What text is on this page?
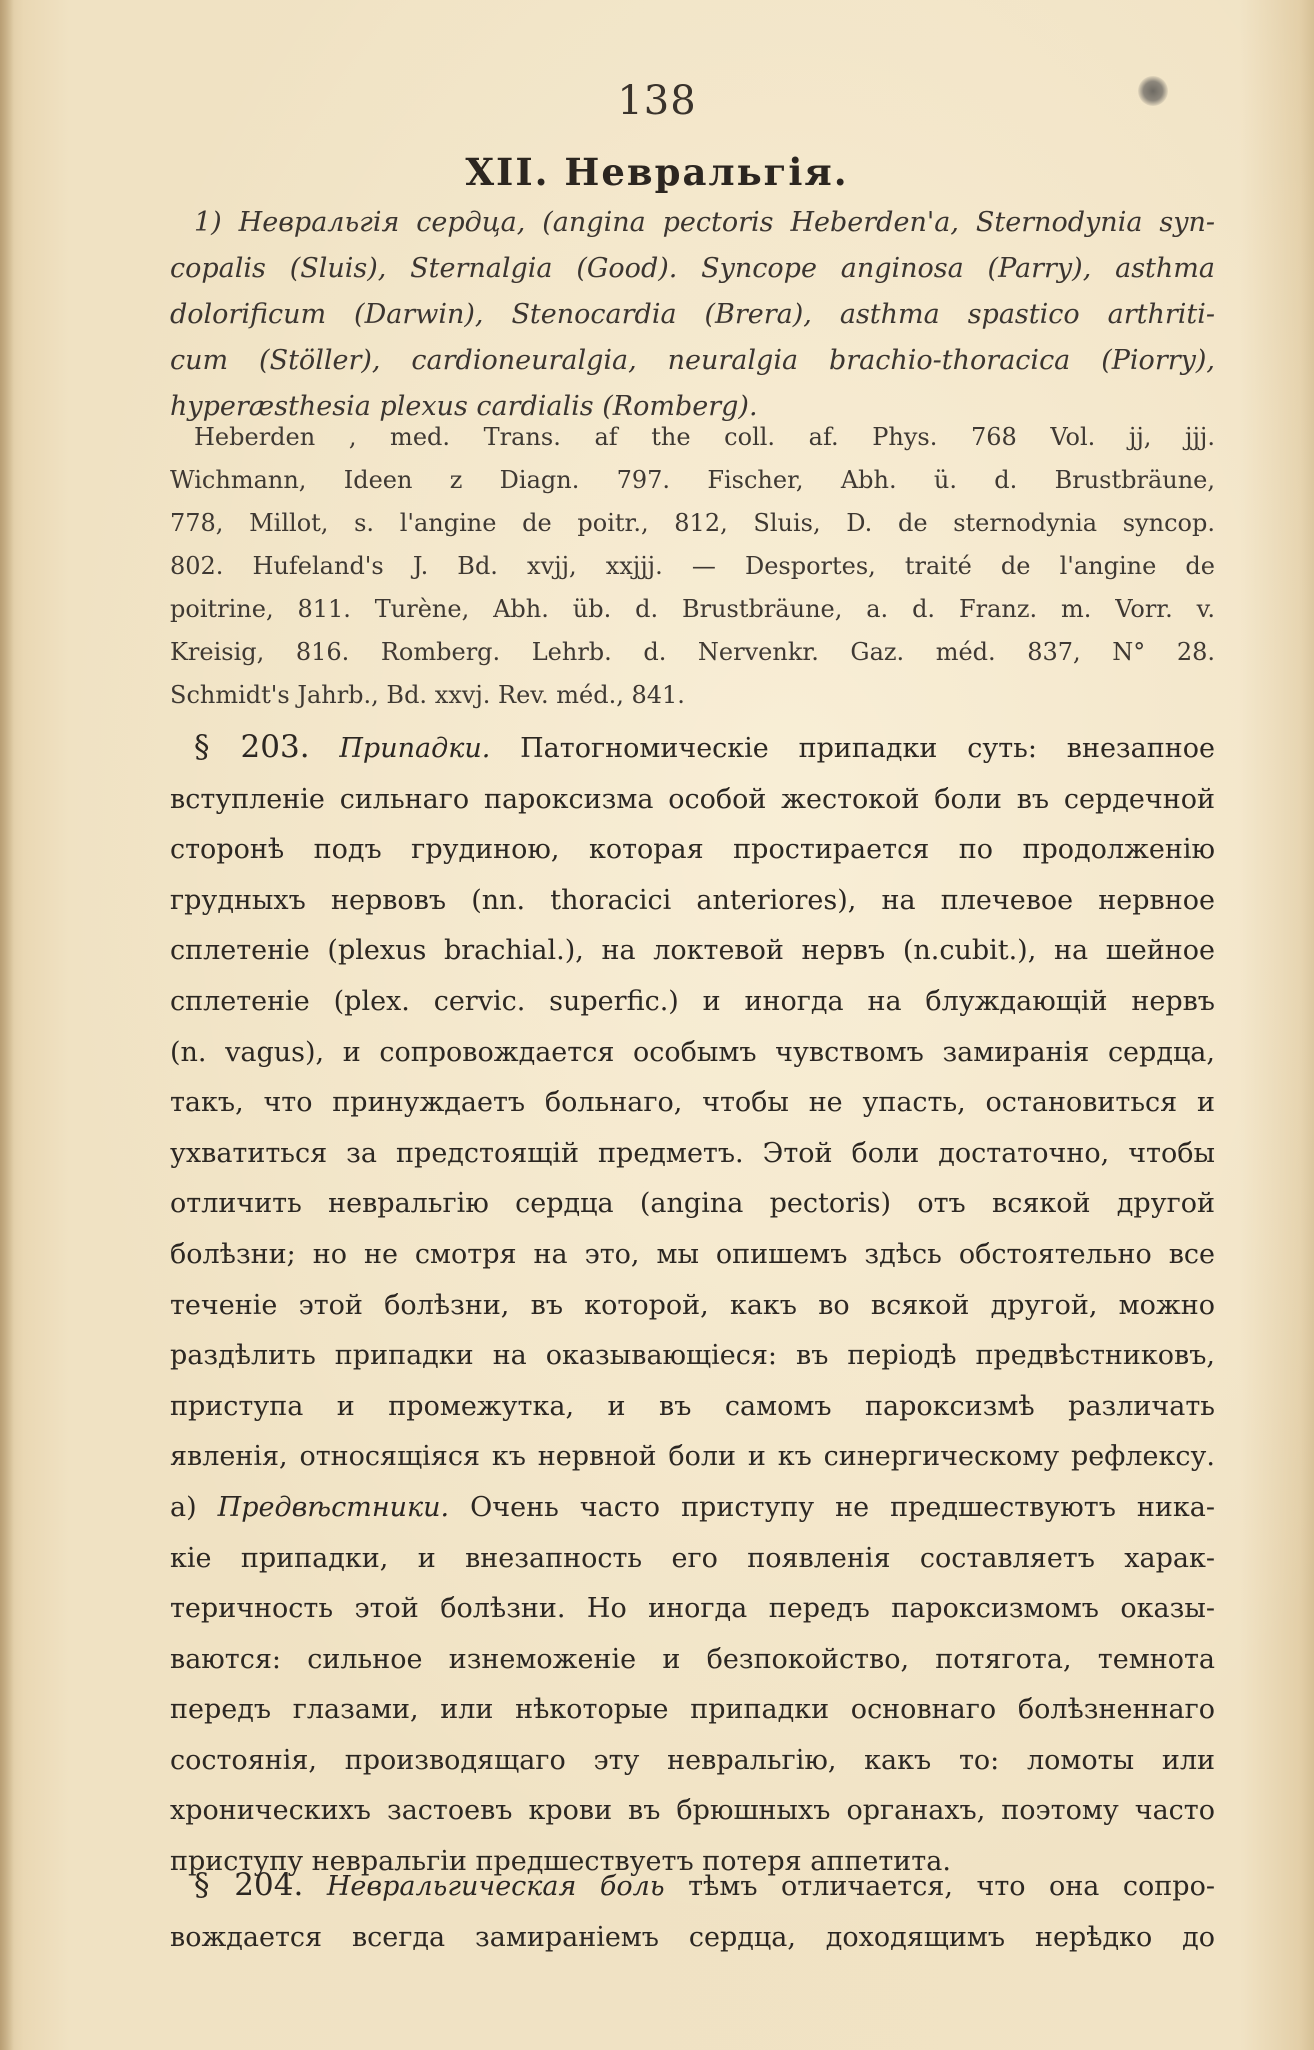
138
XII. Невральгія.
1) Невральгія сердца, (angina pectoris Heberden'a, Sternodynia syn-
copalis (Sluis), Sternalgia (Good). Syncope anginosa (Parry), asthma
dolorificum (Darwin), Stenocardia (Brera), asthma spastico arthriti-
cum (Stöller), cardioneuralgia, neuralgia brachio-thoracica (Piorry),
hyperæsthesia plexus cardialis (Romberg).
Heberden , med. Trans. af the coll. af. Phys. 768 Vol. jj, jjj.
Wichmann, Ideen z Diagn. 797. Fischer, Abh. ü. d. Brustbräune,
778, Millot, s. l'angine de poitr., 812, Sluis, D. de sternodynia syncop.
802. Hufeland's J. Bd. xvjj, xxjjj. — Desportes, traité de l'angine de
poitrine, 811. Turène, Abh. üb. d. Brustbräune, a. d. Franz. m. Vorr. v.
Kreisig, 816. Romberg. Lehrb. d. Nervenkr. Gaz. méd. 837, N° 28.
Schmidt's Jahrb., Bd. xxvj. Rev. méd., 841.
§ 203. Припадки. Патогномическіе припадки суть: внезапное
вступленіе сильнаго пароксизма особой жестокой боли въ сердечной
сторонѣ подъ грудиною, которая простирается по продолженію
грудныхъ нервовъ (nn. thoracici anteriores), на плечевое нервное
сплетеніе (plexus brachial.), на локтевой нервъ (n.cubit.), на шейное
сплетеніе (plex. cervic. superfic.) и иногда на блуждающій нервъ
(n. vagus), и сопровождается особымъ чувствомъ замиранія сердца,
такъ, что принуждаетъ больнаго, чтобы не упасть, остановиться и
ухватиться за предстоящій предметъ. Этой боли достаточно, чтобы
отличить невральгію сердца (angina pectoris) отъ всякой другой
болѣзни; но не смотря на это, мы опишемъ здѣсь обстоятельно все
теченіе этой болѣзни, въ которой, какъ во всякой другой, можно
раздѣлить припадки на оказывающіеся: въ періодѣ предвѣстниковъ,
приступа и промежутка, и въ самомъ пароксизмѣ различать
явленія, относящіяся къ нервной боли и къ синергическому рефлексу.
а) Предвѣстники. Очень часто приступу не предшествуютъ ника-
кіе припадки, и внезапность его появленія составляетъ харак-
теричность этой болѣзни. Но иногда передъ пароксизмомъ оказы-
ваются: сильное изнеможеніе и безпокойство, потягота, темнота
передъ глазами, или нѣкоторые припадки основнаго болѣзненнаго
состоянія, производящаго эту невральгію, какъ то: ломоты или
хроническихъ застоевъ крови въ брюшныхъ органахъ, поэтому часто
приступу невральгіи предшествуетъ потеря аппетита.
§ 204. Невральгическая боль тѣмъ отличается, что она сопро-
вождается всегда замираніемъ сердца, доходящимъ нерѣдко до
